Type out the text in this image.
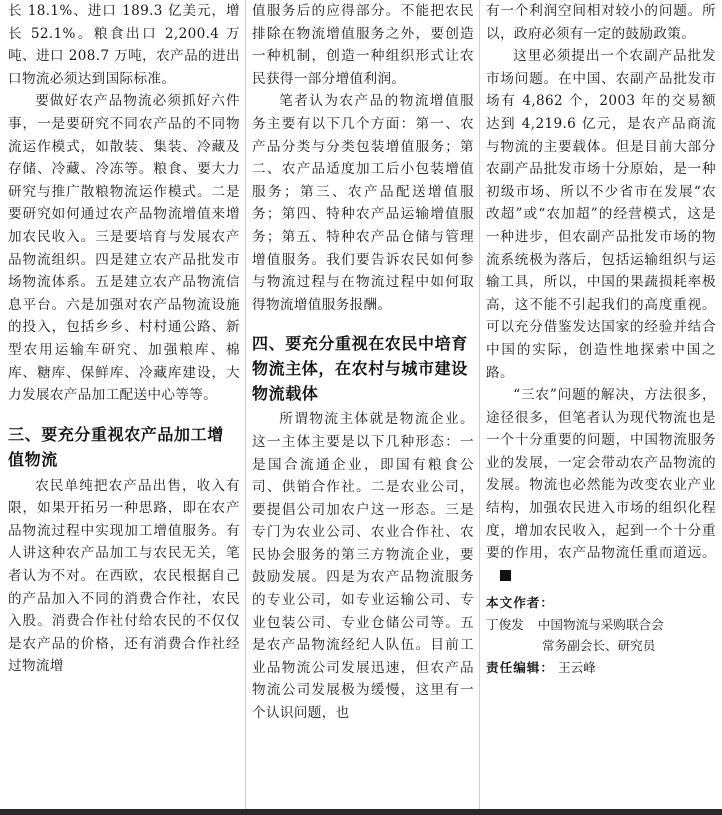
长 18.1%、进口 189.3 亿美元，增长 52.1%。粮食出口 2,200.4 万吨、进口 208.7 万吨，农产品的进出口物流必须达到国际标准。

要做好农产品物流必须抓好六件事，一是要研究不同农产品的不同物流运作模式，如散装、集装、冷藏及存储、冷藏、冷冻等。粮食、要大力研究与推广散粮物流运作模式。二是要研究如何通过农产品物流增值来增加农民收入。三是要培育与发展农产品物流组织。四是建立农产品批发市场物流体系。五是建立农产品物流信息平台。六是加强对农产品物流设施的投入，包括乡乡、村村通公路、新型农用运输车研究、加强粮库、棉库、糖库、保鲜库、冷藏库建设，大力发展农产品加工配送中心等等。

三、要充分重视农产品加工增值物流

农民单纯把农产品出售，收入有限，如果开拓另一种思路，即在农产品物流过程中实现加工增值服务。有人讲这种农产品加工与农民无关，笔者认为不对。在西欧，农民根据自己的产品加入不同的消费合作社，农民入股。消费合作社付给农民的不仅仅是农产品的价格，还有消费合作社经过物流增

值服务后的应得部分。不能把农民排除在物流增值服务之外，要创造一种机制，创造一种组织形式让农民获得一部分增值利润。

笔者认为农产品的物流增值服务主要有以下几个方面：第一、农产品分类与分类包装增值服务；第二、农产品适度加工后小包装增值服务；第三、农产品配送增值服务；第四、特种农产品运输增值服务；第五、特种农产品仓储与管理增值服务。我们要告诉农民如何参与物流过程与在物流过程中如何取得物流增值服务报酬。

四、要充分重视在农民中培育物流主体，在农村与城市建设物流载体

所谓物流主体就是物流企业。这一主体主要是以下几种形态：一是国合流通企业，即国有粮食公司、供销合作社。二是农业公司，要提倡公司加农户这一形态。三是专门为农业公司、农业合作社、农民协会服务的第三方物流企业，要鼓励发展。四是为农产品物流服务的专业公司，如专业运输公司、专业包装公司、专业仓储公司等。五是农产品物流经纪人队伍。目前工业品物流公司发展迅速，但农产品物流公司发展极为缓慢，这里有一个认识问题，也

有一个利润空间相对较小的问题。所以，政府必须有一定的鼓励政策。

这里必须提出一个农副产品批发市场问题。在中国、农副产品批发市场有 4,862 个，2003 年的交易额达到 4,219.6 亿元，是农产品商流与物流的主要载体。但是目前大部分农副产品批发市场十分原始，是一种初级市场、所以不少省市在发展“农改超”或“农加超”的经营模式，这是一种进步，但农副产品批发市场的物流系统极为落后，包括运输组织与运输工具，所以，中国的果蔬损耗率极高，这不能不引起我们的高度重视。可以充分借鉴发达国家的经验并结合中国的实际，创造性地探索中国之路。

“三农”问题的解决，方法很多，途径很多，但笔者认为现代物流也是一个十分重要的问题，中国物流服务业的发展，一定会带动农产品物流的发展。物流也必然能为改变农业产业结构，加强农民进入市场的组织化程度，增加农民收入，起到一个十分重要的作用，农产品物流任重而道远。

本文作者：
丁俊发 中国物流与采购联合会
常务副会长、研究员
责任编辑： 王云峰
